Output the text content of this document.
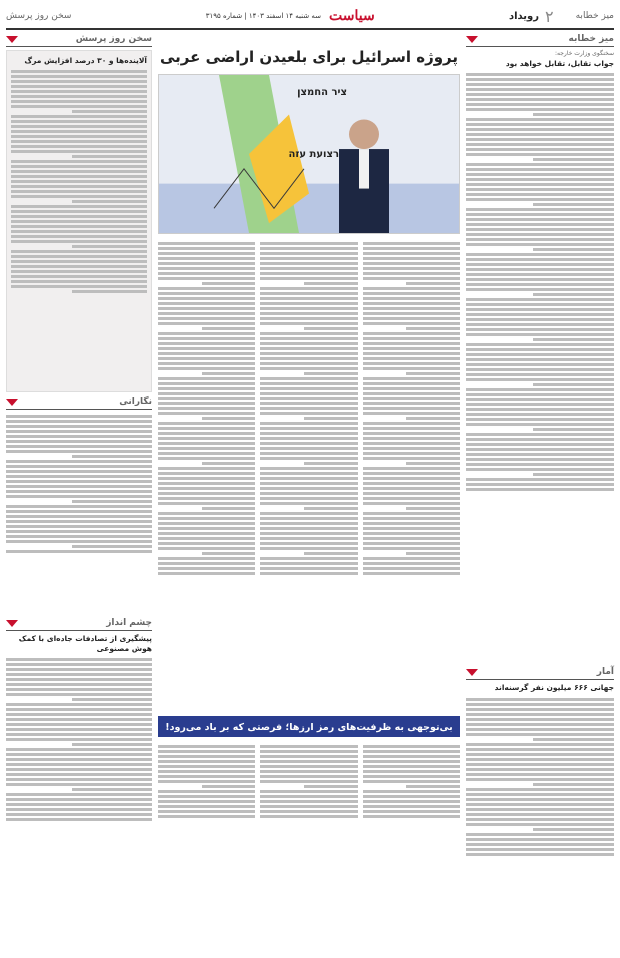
میز خطابه
۲
رویداد
سیاست
سه شنبه ۱۴ اسفند ۱۴۰۳ | شماره ۳۱۹۵
سخن روز پرسش
میز خطابه
سخنگوی وزارت خارجه:
جواب تقابل، تقابل خواهد بود
آمار
جهانی ۶۶۶ میلیون نفر گرسنه‌اند
پروژه اسرائیل برای بلعیدن اراضی عربی
ציר החמצן
רצועת עזה
بی‌توجهی به ظرفیت‌های رمز ارزها؛ فرصتی که بر باد می‌رود!
سخن روز پرسش
آلاینده‌ها و ۳۰ درصد افزایش مرگ
نگارانی
چشم انداز
پیشگیری از تصادفات جاده‌ای با کمک هوش مصنوعی
